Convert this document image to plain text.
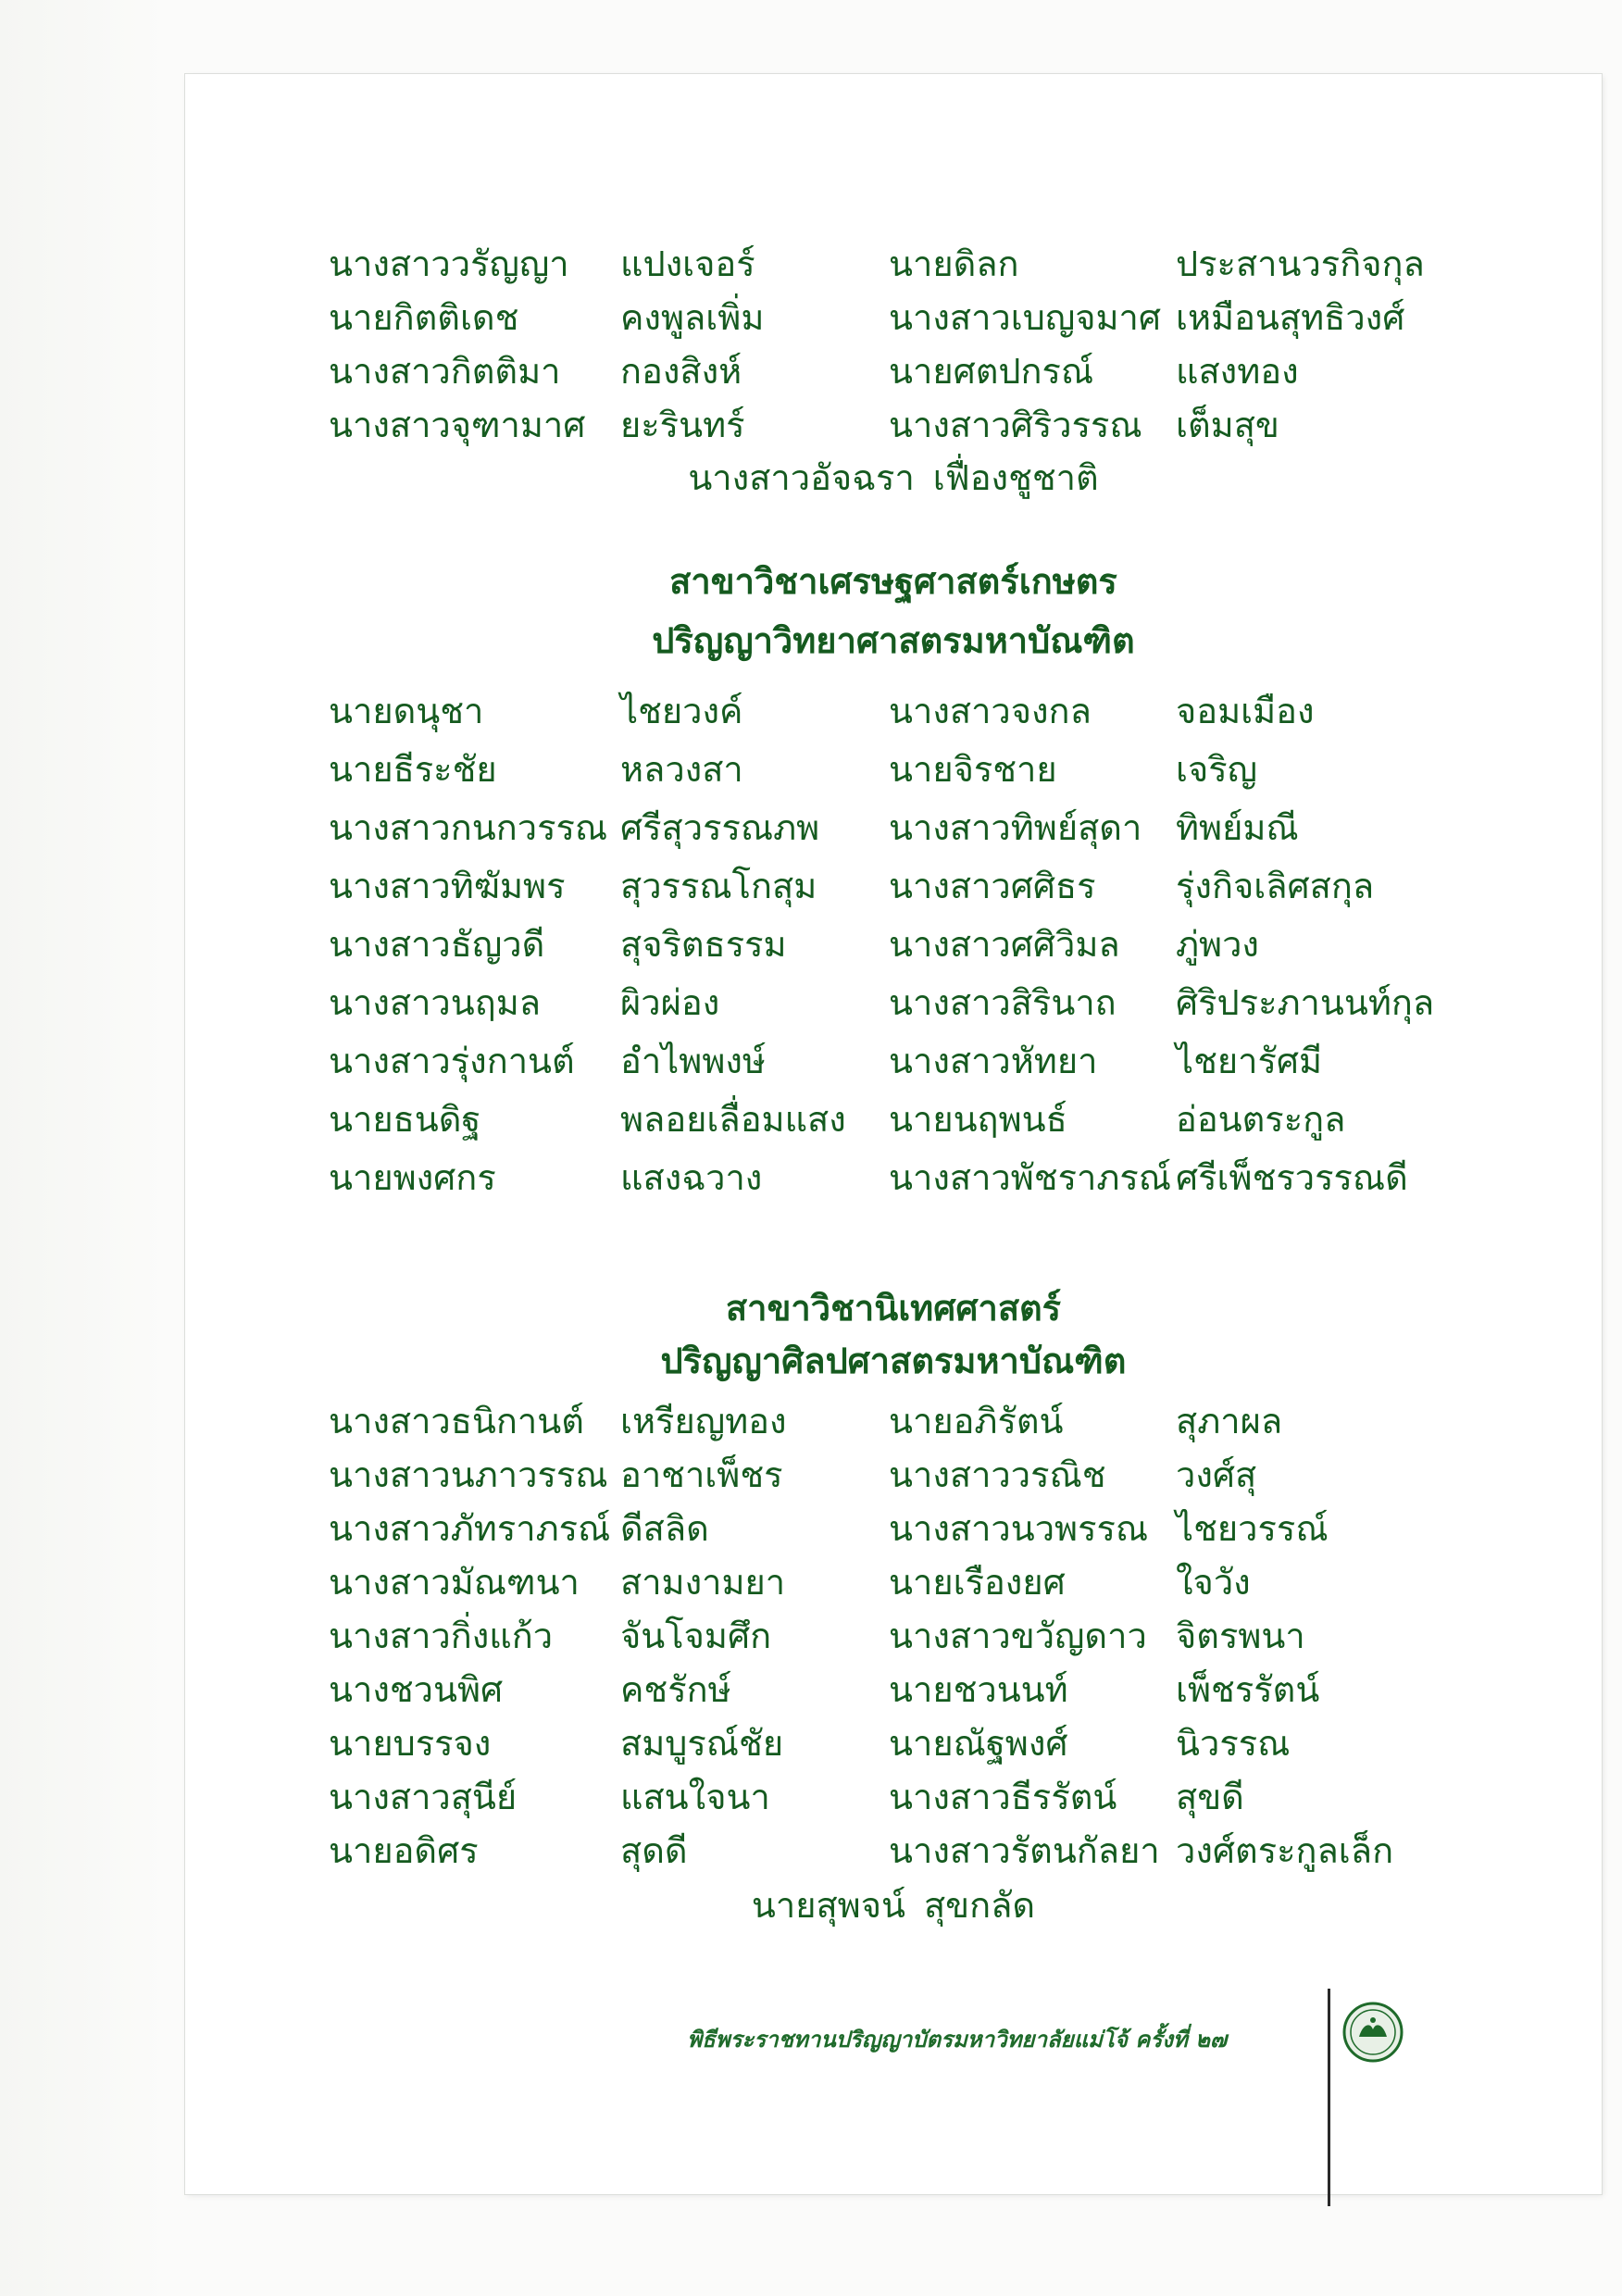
นางสาววรัญญา แปงเจอร์	นายดิลก	ประสานวรกิจกุล
นายกิตติเดช	คงพูลเพิ่ม	นางสาวเบญจมาศ เหมือนสุทธิวงศ์
นางสาวกิตติมา กองสิงห์	นายศตปกรณ์ แสงทอง
นางสาวจุฑามาศ ยะรินทร์	นางสาวศิริวรรณ เต็มสุข
นางสาวอัจฉรา เฟื่องชูชาติ
สาขาวิชาเศรษฐศาสตร์เกษตร
ปริญญาวิทยาศาสตรมหาบัณฑิต
นายดนุชา	ไชยวงค์	นางสาวจงกล จอมเมือง
นายธีระชัย	หลวงสา	นายจิรชาย	เจริญ
นางสาวกนกวรรณ ศรีสุวรรณภพ นางสาวทิพย์สุดา ทิพย์มณี
นางสาวทิฆัมพร สุวรรณโกสุม นางสาวศศิธร รุ่งกิจเลิศสกุล
นางสาวธัญวดี สุจริตธรรม	นางสาวศศิวิมล ภู่พวง
นางสาวนฤมล ผิวผ่อง	นางสาวสิรินาถ ศิริประภานนท์กุล
นางสาวรุ่งกานต์ อำไพพงษ์	นางสาวหัทยา ไชยารัศมี
นายธนดิฐ	พลอยเลื่อมแสง นายนฤพนธ์	อ่อนตระกูล
นายพงศกร	แสงฉวาง	นางสาวพัชราภรณ์ ศรีเพ็ชรวรรณดี
สาขาวิชานิเทศศาสตร์
ปริญญาศิลปศาสตรมหาบัณฑิต
นางสาวธนิกานต์ เหรียญทอง	นายอภิรัตน์	สุภาผล
นางสาวนภาวรรณ อาชาเพ็ชร	นางสาววรณิช วงศ์สุ
นางสาวภัทราภรณ์ ดีสลิด	นางสาวนวพรรณ ไชยวรรณ์
นางสาวมัณฑนา สามงามยา	นายเรืองยศ	ใจวัง
นางสาวกิ่งแก้ว จันโจมศึก	นางสาวขวัญดาว จิตรพนา
นางชวนพิศ	คชรักษ์	นายชวนนท์	เพ็ชรรัตน์
นายบรรจง	สมบูรณ์ชัย	นายณัฐพงศ์	นิวรรณ
นางสาวสุนีย์	แสนใจนา	นางสาวธีรรัตน์ สุขดี
นายอดิศร	สุดดี	นางสาวรัตนกัลยา วงศ์ตระกูลเล็ก
นายสุพจน์ สุขกลัด
พิธีพระราชทานปริญญาบัตรมหาวิทยาลัยแม่โจ้ ครั้งที่ ๒๗
